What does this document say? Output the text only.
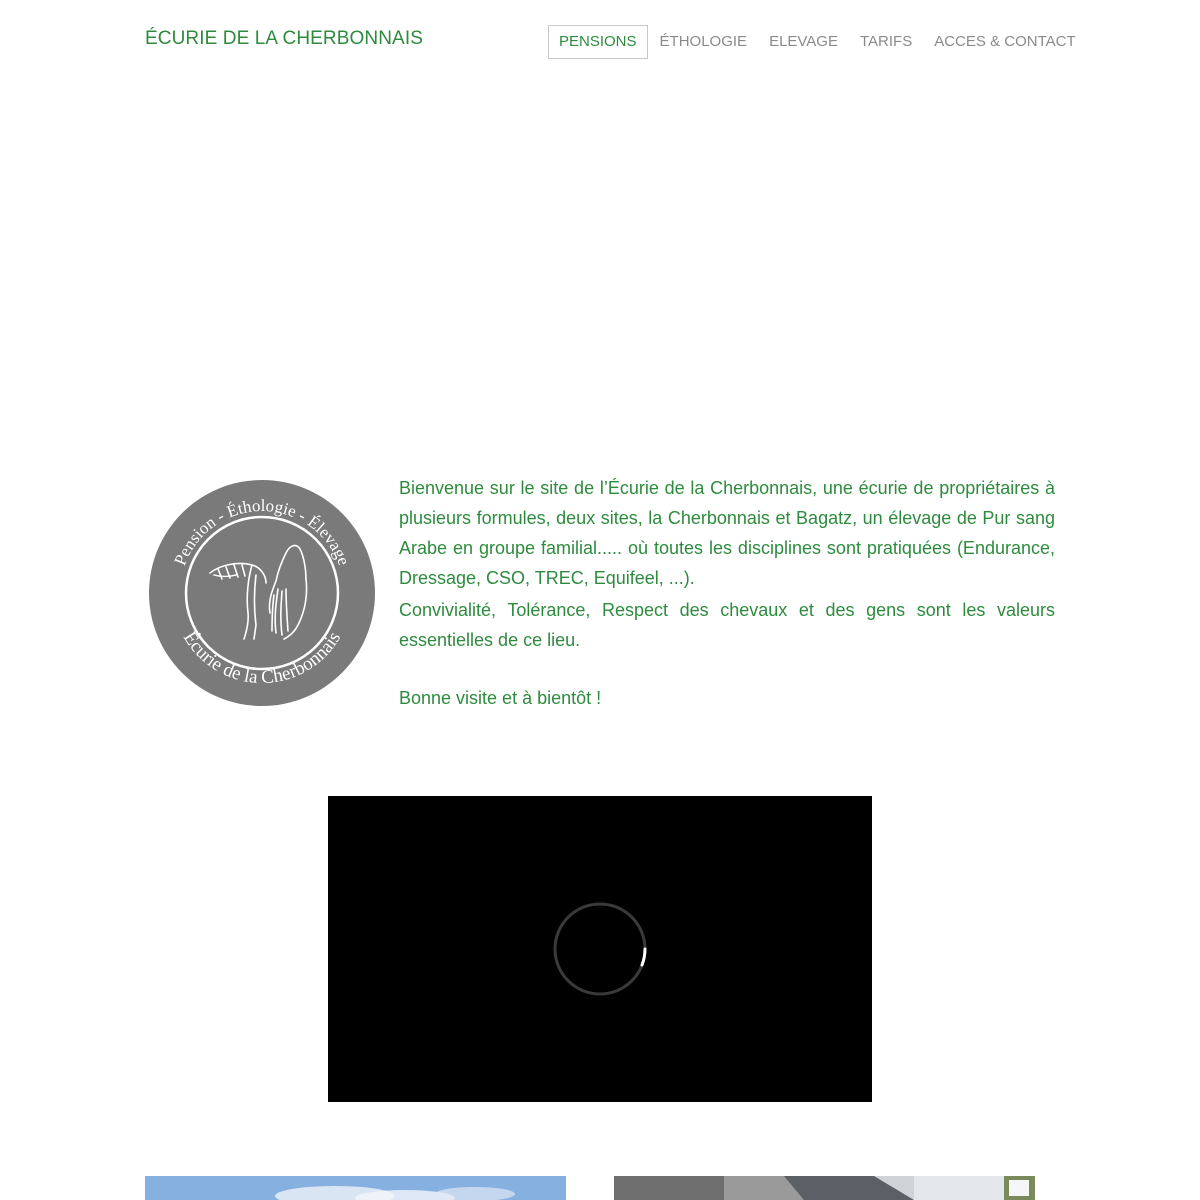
ÉCURIE DE LA CHERBONNAIS	PENSIONS	ÉTHOLOGIE	ELEVAGE	TARIFS	ACCES & CONTACT
Pension - Éthologie - Élevage
Écurie de la Cherbonnais

Bienvenue sur le site de l’Écurie de la Cherbonnais, une écurie de propriétaires à plusieurs formules, deux sites, la Cherbonnais et Bagatz, un élevage de Pur sang Arabe en groupe familial..... où toutes les disciplines sont pratiquées (Endurance, Dressage, CSO, TREC, Equifeel, ...).

Convivialité, Tolérance, Respect des chevaux et des gens sont les valeurs essentielles de ce lieu.

Bonne visite et à bientôt !
